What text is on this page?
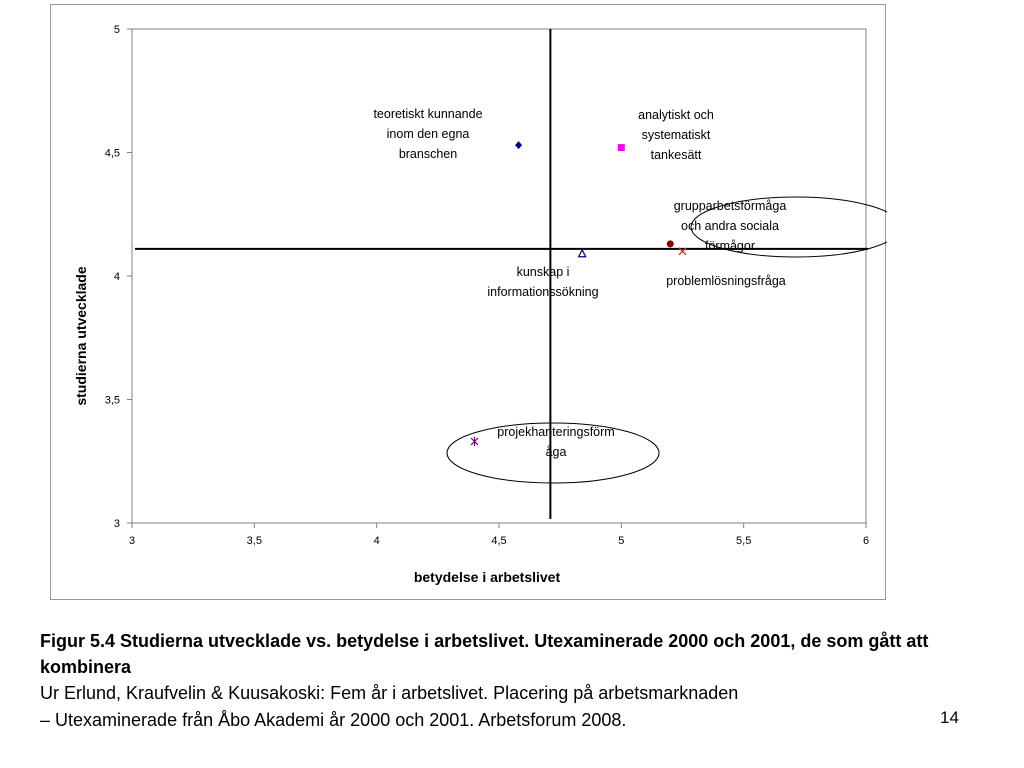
3	3,5	4	4,5	5	5,5	6
3
3,5
4
4,5
5
betydelse i arbetslivet
studierna utvecklade
teoretiskt kunnande inom den egna branschen
analytiskt och systematiskt tankesätt
grupparbetsförmåga och andra sociala förmågor
problemlösningsfråga
kunskap i informationssökning
projekhanteringsförm åga
Figur 5.4 Studierna utvecklade vs. betydelse i arbetslivet. Utexaminerade 2000 och 2001, de som gått att kombinera
Ur Erlund, Kraufvelin & Kuusakoski: Fem år i arbetslivet. Placering på arbetsmarknaden
– Utexaminerade från Åbo Akademi år 2000 och 2001. Arbetsforum 2008.	14
